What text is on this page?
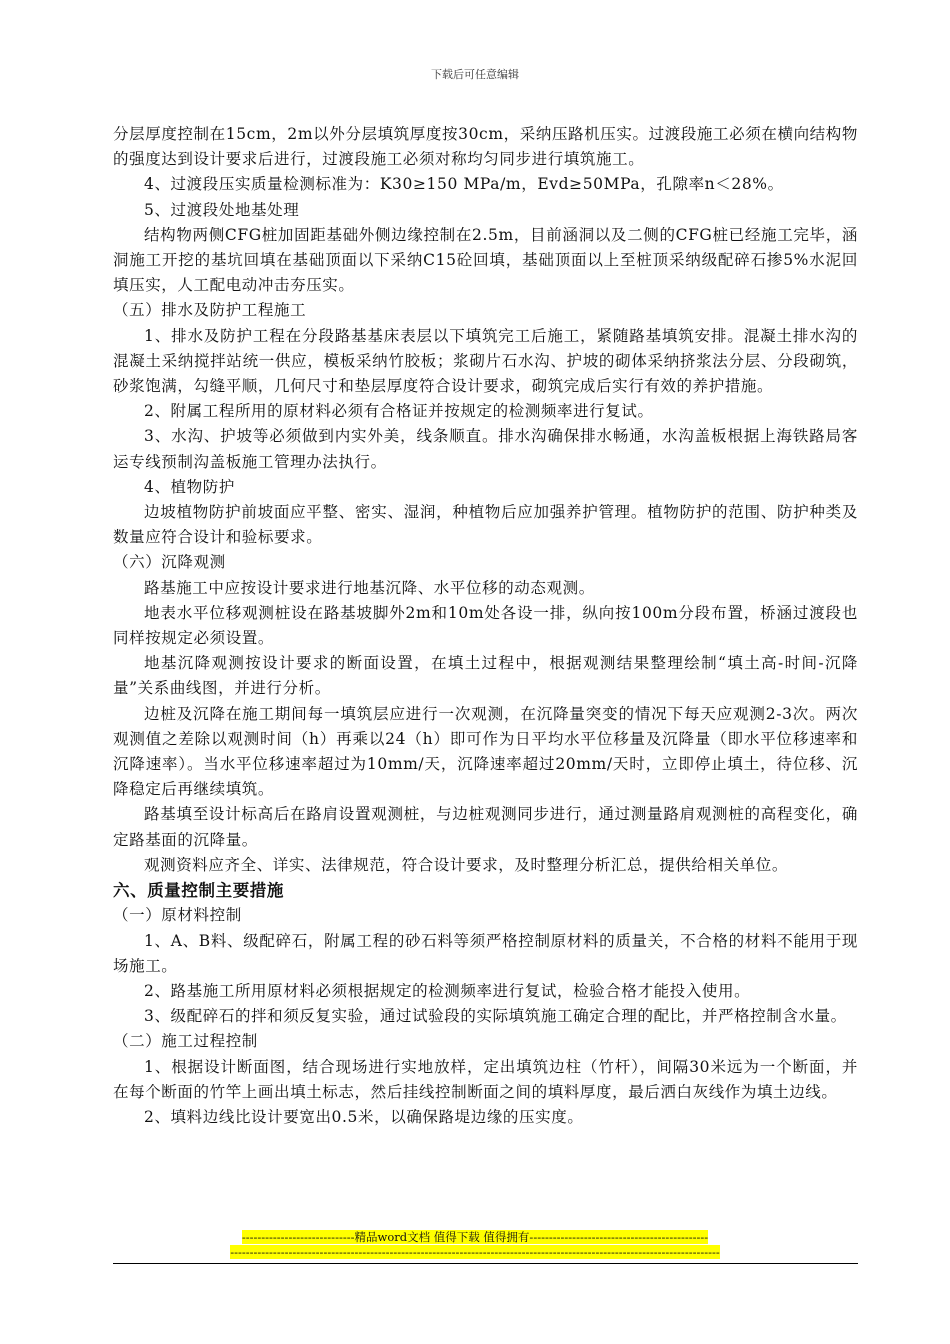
下载后可任意编辑

分层厚度控制在15cm，2m以外分层填筑厚度按30cm，采纳压路机压实。过渡段施工必须在横向结构物的强度达到设计要求后进行，过渡段施工必须对称均匀同步进行填筑施工。

4、过渡段压实质量检测标准为：K30≥150 MPa/m，Evd≥50MPa，孔隙率n＜28%。

5、过渡段处地基处理

结构物两侧CFG桩加固距基础外侧边缘控制在2.5m，目前涵洞以及二侧的CFG桩已经施工完毕，涵洞施工开挖的基坑回填在基础顶面以下采纳C15砼回填，基础顶面以上至桩顶采纳级配碎石掺5%水泥回填压实，人工配电动冲击夯压实。

（五）排水及防护工程施工

1、排水及防护工程在分段路基基床表层以下填筑完工后施工，紧随路基填筑安排。混凝土排水沟的混凝土采纳搅拌站统一供应，模板采纳竹胶板；浆砌片石水沟、护坡的砌体采纳挤浆法分层、分段砌筑，砂浆饱满，勾缝平顺，几何尺寸和垫层厚度符合设计要求，砌筑完成后实行有效的养护措施。

2、附属工程所用的原材料必须有合格证并按规定的检测频率进行复试。

3、水沟、护坡等必须做到内实外美，线条顺直。排水沟确保排水畅通，水沟盖板根据上海铁路局客运专线预制沟盖板施工管理办法执行。

4、植物防护

边坡植物防护前坡面应平整、密实、湿润，种植物后应加强养护管理。植物防护的范围、防护种类及数量应符合设计和验标要求。

（六）沉降观测

路基施工中应按设计要求进行地基沉降、水平位移的动态观测。

地表水平位移观测桩设在路基坡脚外2m和10m处各设一排，纵向按100m分段布置，桥涵过渡段也同样按规定必须设置。

地基沉降观测按设计要求的断面设置，在填土过程中，根据观测结果整理绘制“填土高-时间-沉降量”关系曲线图，并进行分析。

边桩及沉降在施工期间每一填筑层应进行一次观测，在沉降量突变的情况下每天应观测2-3次。两次观测值之差除以观测时间（h）再乘以24（h）即可作为日平均水平位移量及沉降量（即水平位移速率和沉降速率）。当水平位移速率超过为10mm/天，沉降速率超过20mm/天时，立即停止填土，待位移、沉降稳定后再继续填筑。

路基填至设计标高后在路肩设置观测桩，与边桩观测同步进行，通过测量路肩观测桩的高程变化，确定路基面的沉降量。

观测资料应齐全、详实、法律规范，符合设计要求，及时整理分析汇总，提供给相关单位。

六、质量控制主要措施

（一）原材料控制

1、A、B料、级配碎石，附属工程的砂石料等须严格控制原材料的质量关，不合格的材料不能用于现场施工。

2、路基施工所用原材料必须根据规定的检测频率进行复试，检验合格才能投入使用。

3、级配碎石的拌和须反复实验，通过试验段的实际填筑施工确定合理的配比，并严格控制含水量。

（二）施工过程控制

1、根据设计断面图，结合现场进行实地放样，定出填筑边柱（竹杆），间隔30米远为一个断面，并在每个断面的竹竿上画出填土标志，然后挂线控制断面之间的填料厚度，最后洒白灰线作为填土边线。

2、填料边线比设计要宽出0.5米，以确保路堤边缘的压实度。

-----------------------------精品word文档 值得下载 值得拥有----------------------------------------------
------------------------------------------------------------------------------------------------------------------------------
